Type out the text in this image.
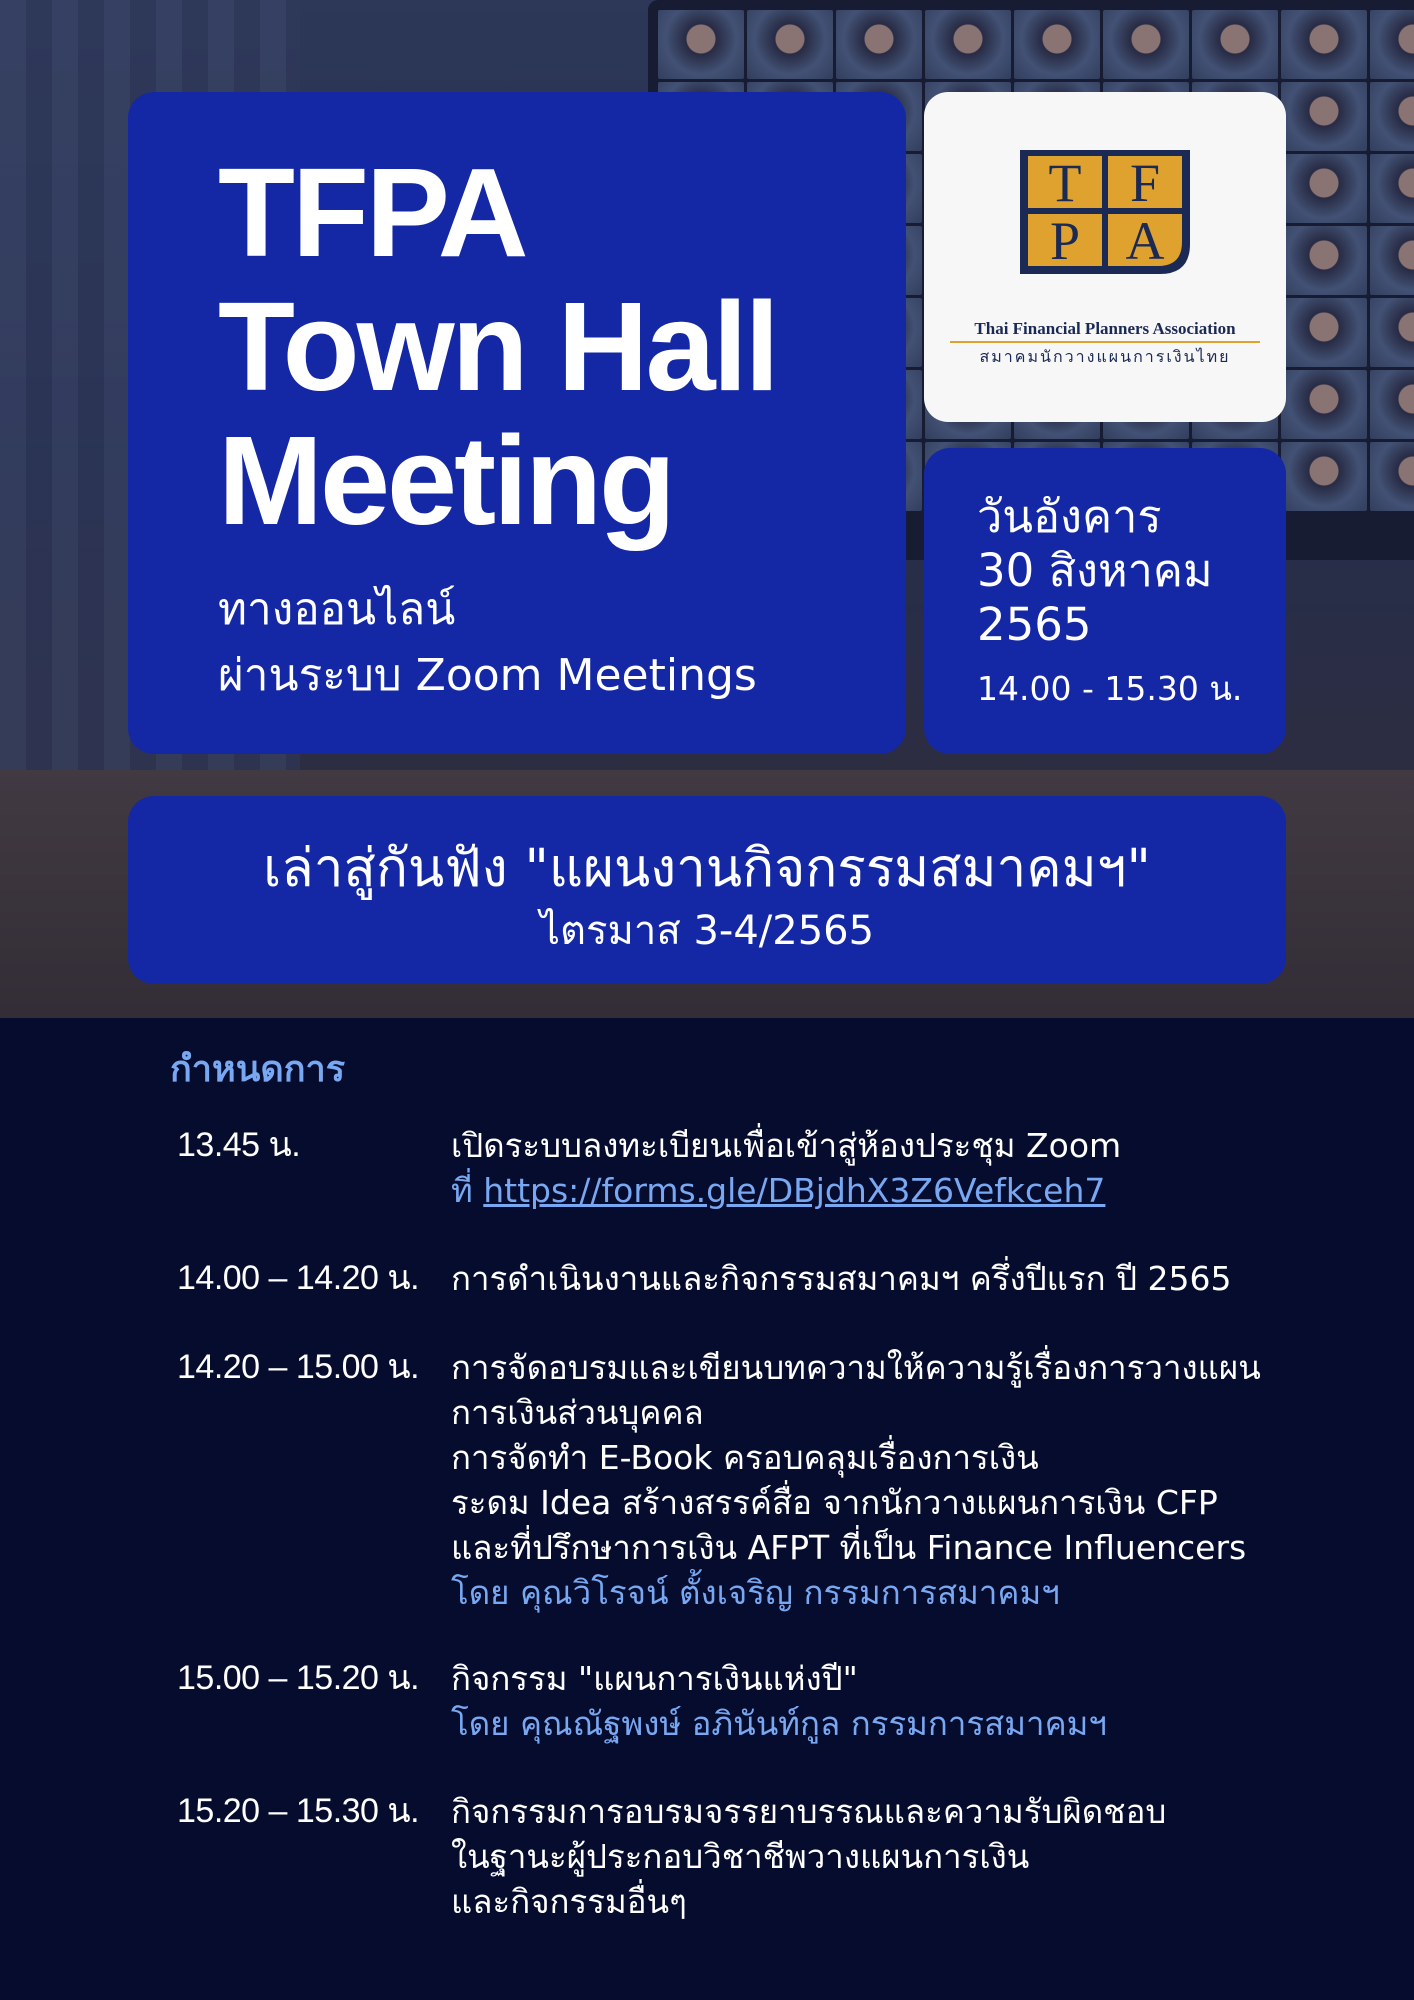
TFPA
Town Hall
Meeting

ทางออนไลน์

ผ่านระบบ Zoom Meetings

T F
P A
Thai Financial Planners Association
สมาคมนักวางแผนการเงินไทย

วันอังคาร

30 สิงหาคม

2565

14.00 - 15.30 น.

เล่าสู่กันฟัง "แผนงานกิจกรรมสมาคมฯ"

ไตรมาส 3-4/2565

กำหนดการ

13.45 น.	เปิดระบบลงทะเบียนเพื่อเข้าสู่ห้องประชุม Zoom

ที่ https://forms.gle/DBjdhX3Z6Vefkceh7

14.00 – 14.20 น. การดำเนินงานและกิจกรรมสมาคมฯ ครึ่งปีแรก ปี 2565

14.20 – 15.00 น. การจัดอบรมและเขียนบทความให้ความรู้เรื่องการวางแผน

การเงินส่วนบุคคล

การจัดทำ E-Book ครอบคลุมเรื่องการเงิน

ระดม Idea สร้างสรรค์สื่อ จากนักวางแผนการเงิน CFP

และที่ปรึกษาการเงิน AFPT ที่เป็น Finance Influencers

โดย คุณวิโรจน์ ตั้งเจริญ กรรมการสมาคมฯ

15.00 – 15.20 น. กิจกรรม "แผนการเงินแห่งปี"

โดย คุณณัฐพงษ์ อภินันท์กูล กรรมการสมาคมฯ

15.20 – 15.30 น. กิจกรรมการอบรมจรรยาบรรณและความรับผิดชอบ

ในฐานะผู้ประกอบวิชาชีพวางแผนการเงิน

และกิจกรรมอื่นๆ
